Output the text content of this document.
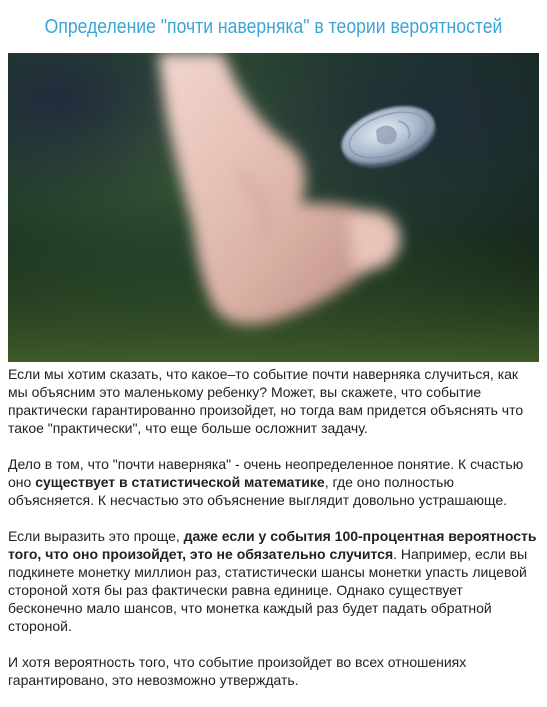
Определение "почти наверняка" в теории вероятностей

Если мы хотим сказать, что какое–то событие почти наверняка случиться, как мы объясним это маленькому ребенку? Может, вы скажете, что событие практически гарантированно произойдет, но тогда вам придется объяснять что такое "практически", что еще больше осложнит задачу.

Дело в том, что "почти наверняка" - очень неопределенное понятие. К счастью оно существует в статистической математике, где оно полностью объясняется. К несчастью это объяснение выглядит довольно устрашающе.

Если выразить это проще, даже если у события 100-процентная вероятность того, что оно произойдет, это не обязательно случится. Например, если вы подкинете монетку миллион раз, статистически шансы монетки упасть лицевой стороной хотя бы раз фактически равна единице. Однако существует бесконечно мало шансов, что монетка каждый раз будет падать обратной стороной.

И хотя вероятность того, что событие произойдет во всех отношениях гарантировано, это невозможно утверждать.
